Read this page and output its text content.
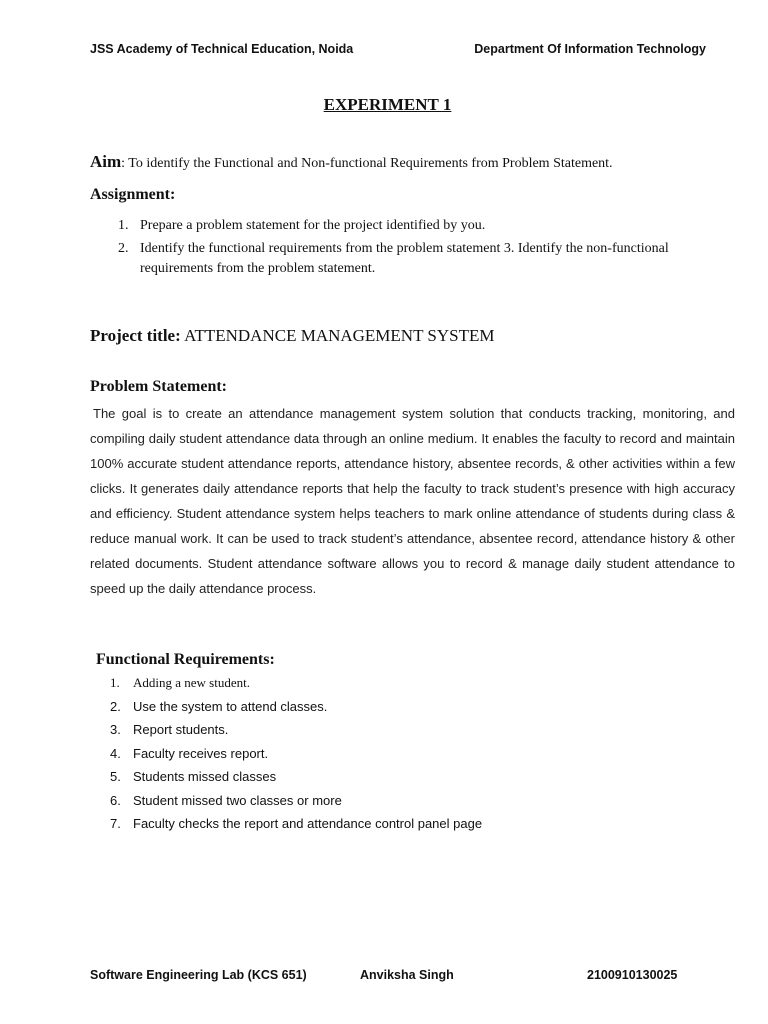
JSS Academy of Technical Education, Noida	Department Of Information Technology
EXPERIMENT 1
Aim: To identify the Functional and Non-functional Requirements from Problem Statement.
Assignment:
1. Prepare a problem statement for the project identified by you.
2. Identify the functional requirements from the problem statement 3. Identify the non-functional requirements from the problem statement.
Project title: ATTENDANCE MANAGEMENT SYSTEM
Problem Statement:
The goal is to create an attendance management system solution that conducts tracking, monitoring, and compiling daily student attendance data through an online medium. It enables the faculty to record and maintain 100% accurate student attendance reports, attendance history, absentee records, & other activities within a few clicks. It generates daily attendance reports that help the faculty to track student’s presence with high accuracy and efficiency. Student attendance system helps teachers to mark online attendance of students during class & reduce manual work. It can be used to track student’s attendance, absentee record, attendance history & other related documents. Student attendance software allows you to record & manage daily student attendance to speed up the daily attendance process.
Functional Requirements:
1. Adding a new student.
2. Use the system to attend classes.
3. Report students.
4. Faculty receives report.
5. Students missed classes
6. Student missed two classes or more
7. Faculty checks the report and attendance control panel page
Software Engineering Lab (KCS 651)	Anviksha Singh	2100910130025
